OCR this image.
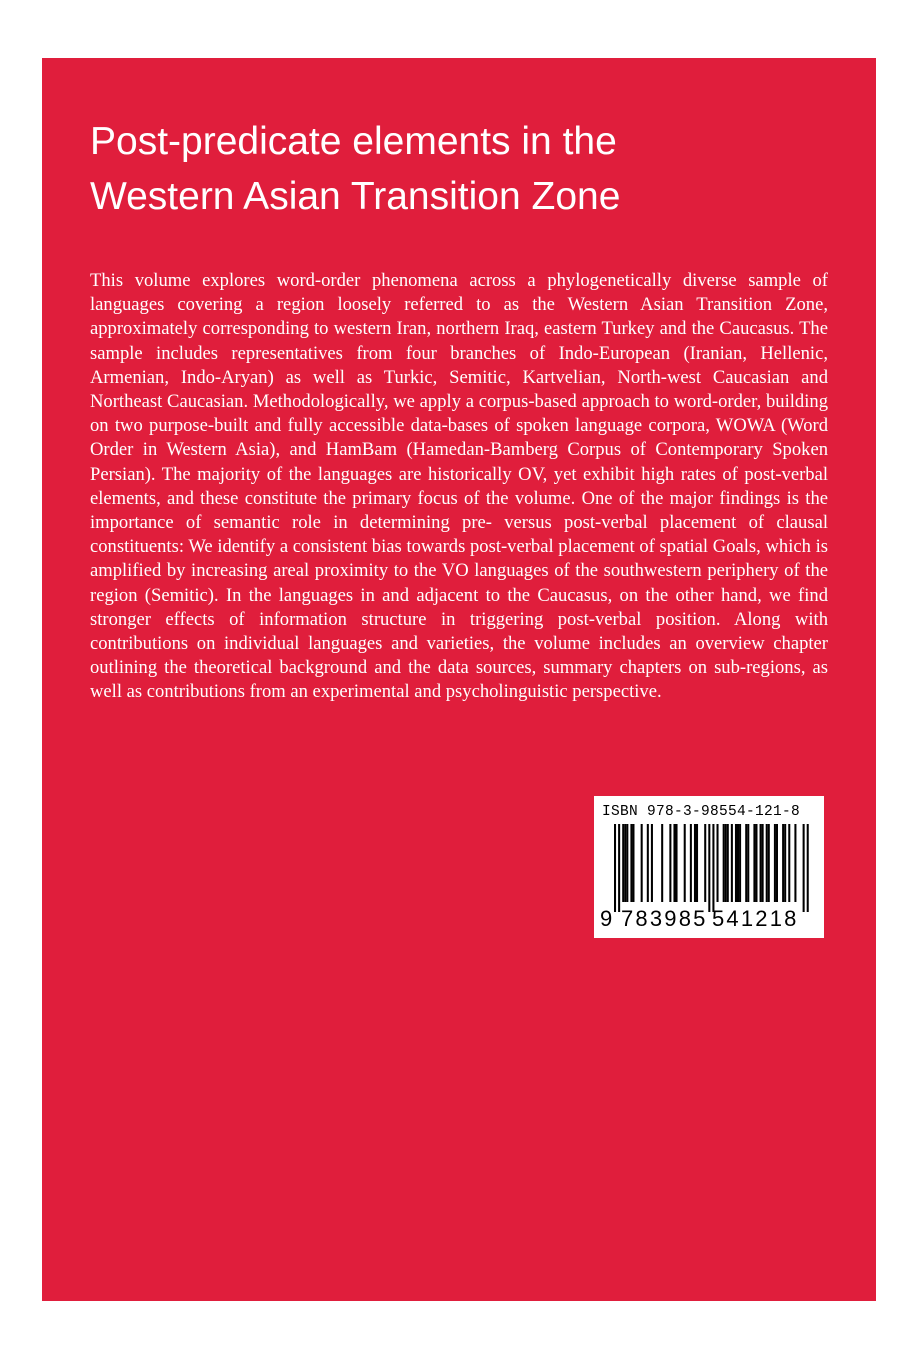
Post-predicate elements in the
Western Asian Transition Zone

This volume explores word-order phenomena across a phylogenetically diverse sample of languages covering a region loosely referred to as the Western Asian Transition Zone, approximately corresponding to western Iran, northern Iraq, eastern Turkey and the Caucasus. The sample includes representatives from four branches of Indo-European (Iranian, Hellenic, Armenian, Indo-Aryan) as well as Turkic, Semitic, Kartvelian, North-west Caucasian and Northeast Caucasian. Methodologically, we apply a corpus-based approach to word-order, building on two purpose-built and fully accessible data-bases of spoken language corpora, WOWA (Word Order in Western Asia), and HamBam (Hamedan-Bamberg Corpus of Contemporary Spoken Persian). The majority of the languages are historically OV, yet exhibit high rates of post-verbal elements, and these constitute the primary focus of the volume. One of the major findings is the importance of semantic role in determining pre- versus post-verbal placement of clausal constituents: We identify a consistent bias towards post-verbal placement of spatial Goals, which is amplified by increasing areal proximity to the VO languages of the southwestern periphery of the region (Semitic). In the languages in and adjacent to the Caucasus, on the other hand, we find stronger effects of information structure in triggering post-verbal position. Along with contributions on individual languages and varieties, the volume includes an overview chapter outlining the theoretical background and the data sources, summary chapters on sub-regions, as well as contributions from an experimental and psycholinguistic perspective.

ISBN 978-3-98554-121-8
9 783985 541218
